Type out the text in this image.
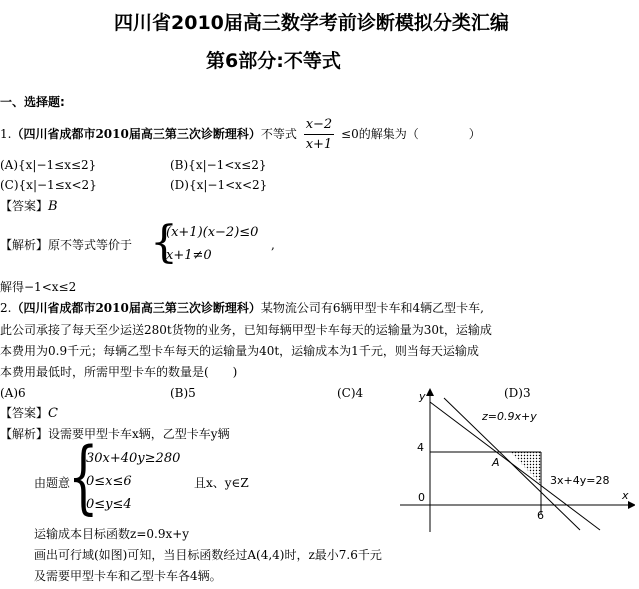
四川省2010届高三数学考前诊断模拟分类汇编
第6部分:不等式
一、选择题:
1.（四川省成都市2010届高三第三次诊断理科）不等式 $\frac{x-2}{x+1} \le 0$的解集为（	）
(A){x|−1≤x≤2}	(B){x|−1<x≤2}
(C){x|−1≤x<2}	(D){x|−1<x<2}
【答案】B
【解析】原不等式等价于 {
(x+1)(x−2)≤0
x+1≠0
,
解得−1<x≤2
2.（四川省成都市2010届高三第三次诊断理科）某物流公司有6辆甲型卡车和4辆乙型卡车,
此公司承接了每天至少运送280t货物的业务，已知每辆甲型卡车每天的运输量为30t，运输成
本费用为0.9千元；每辆乙型卡车每天的运输量为40t，运输成本为1千元，则当每天运输成
本费用最低时，所需甲型卡车的数量是(　　)
(A)6	(B)5	(C)4	(D)3
【答案】C
【解析】设需要甲型卡车x辆，乙型卡车y辆
由题意
{
30x+40y≥280
0≤x≤6
0≤y≤4
且x、y∈Z
运输成本目标函数z=0.9x+y
画出可行域(如图)可知，当目标函数经过A(4,4)时，z最小7.6千元
及需要甲型卡车和乙型卡车各4辆。
y
x
0
4
6
A
z=0.9x+y
3x+4y=28
